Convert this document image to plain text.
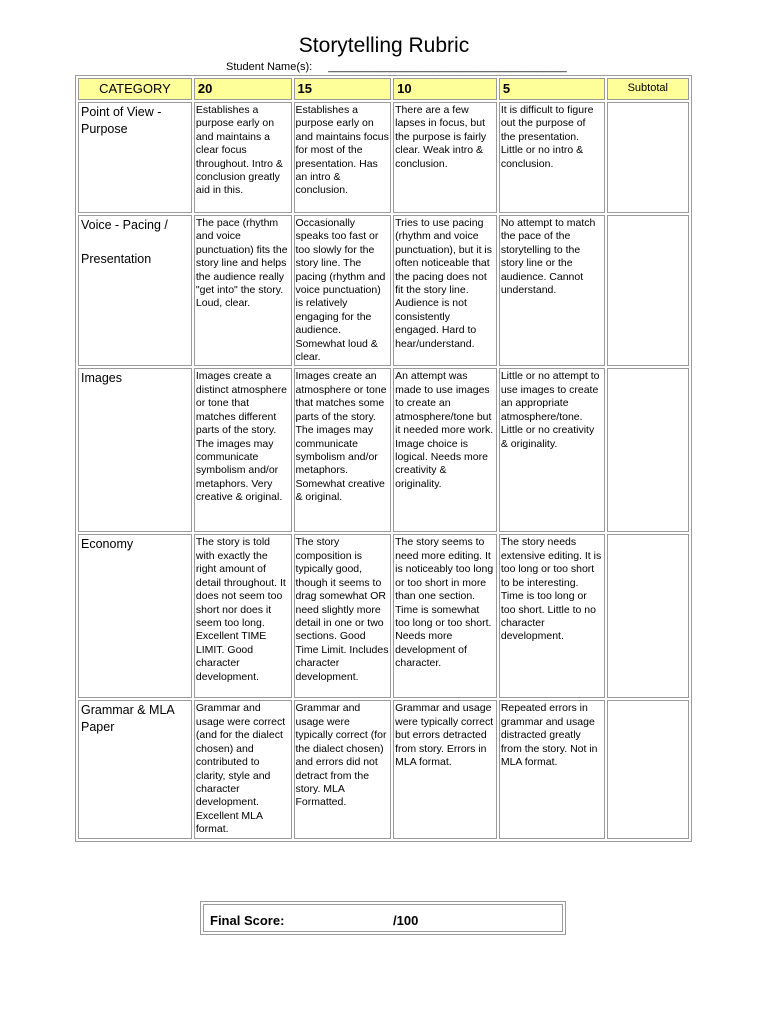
Storytelling Rubric
Student Name(s): _______________________________________
CATEGORY	20	15	10	5	Subtotal
Point of View - Purpose	Establishes a purpose early on and maintains a clear focus throughout. Intro & conclusion greatly aid in this.	Establishes a purpose early on and maintains focus for most of the presentation. Has an intro & conclusion.	There are a few lapses in focus, but the purpose is fairly clear. Weak intro & conclusion.	It is difficult to figure out the purpose of the presentation. Little or no intro & conclusion.	
Voice - Pacing /

Presentation	The pace (rhythm and voice punctuation) fits the story line and helps the audience really "get into" the story. Loud, clear.	Occasionally speaks too fast or too slowly for the story line. The pacing (rhythm and voice punctuation) is relatively engaging for the audience. Somewhat loud & clear.	Tries to use pacing (rhythm and voice punctuation), but it is often noticeable that the pacing does not fit the story line. Audience is not consistently engaged. Hard to hear/understand.	No attempt to match the pace of the storytelling to the story line or the audience. Cannot understand.	
Images	Images create a distinct atmosphere or tone that matches different parts of the story. The images may communicate symbolism and/or metaphors. Very creative & original.	Images create an atmosphere or tone that matches some parts of the story. The images may communicate symbolism and/or metaphors. Somewhat creative & original.	An attempt was made to use images to create an atmosphere/tone but it needed more work. Image choice is logical. Needs more creativity & originality.	Little or no attempt to use images to create an appropriate atmosphere/tone. Little or no creativity & originality.	
Economy	The story is told with exactly the right amount of detail throughout. It does not seem too short nor does it seem too long. Excellent TIME LIMIT. Good character development.	The story composition is typically good, though it seems to drag somewhat OR need slightly more detail in one or two sections. Good Time Limit. Includes character development.	The story seems to need more editing. It is noticeably too long or too short in more than one section. Time is somewhat too long or too short. Needs more development of character.	The story needs extensive editing. It is too long or too short to be interesting. Time is too long or too short. Little to no character development.	
Grammar & MLA Paper	Grammar and usage were correct (and for the dialect chosen) and contributed to clarity, style and character development. Excellent MLA format.	Grammar and usage were typically correct (for the dialect chosen) and errors did not detract from the story. MLA Formatted.	Grammar and usage were typically correct but errors detracted from story. Errors in MLA format.	Repeated errors in grammar and usage distracted greatly from the story. Not in MLA format.	
Final Score:	/100
